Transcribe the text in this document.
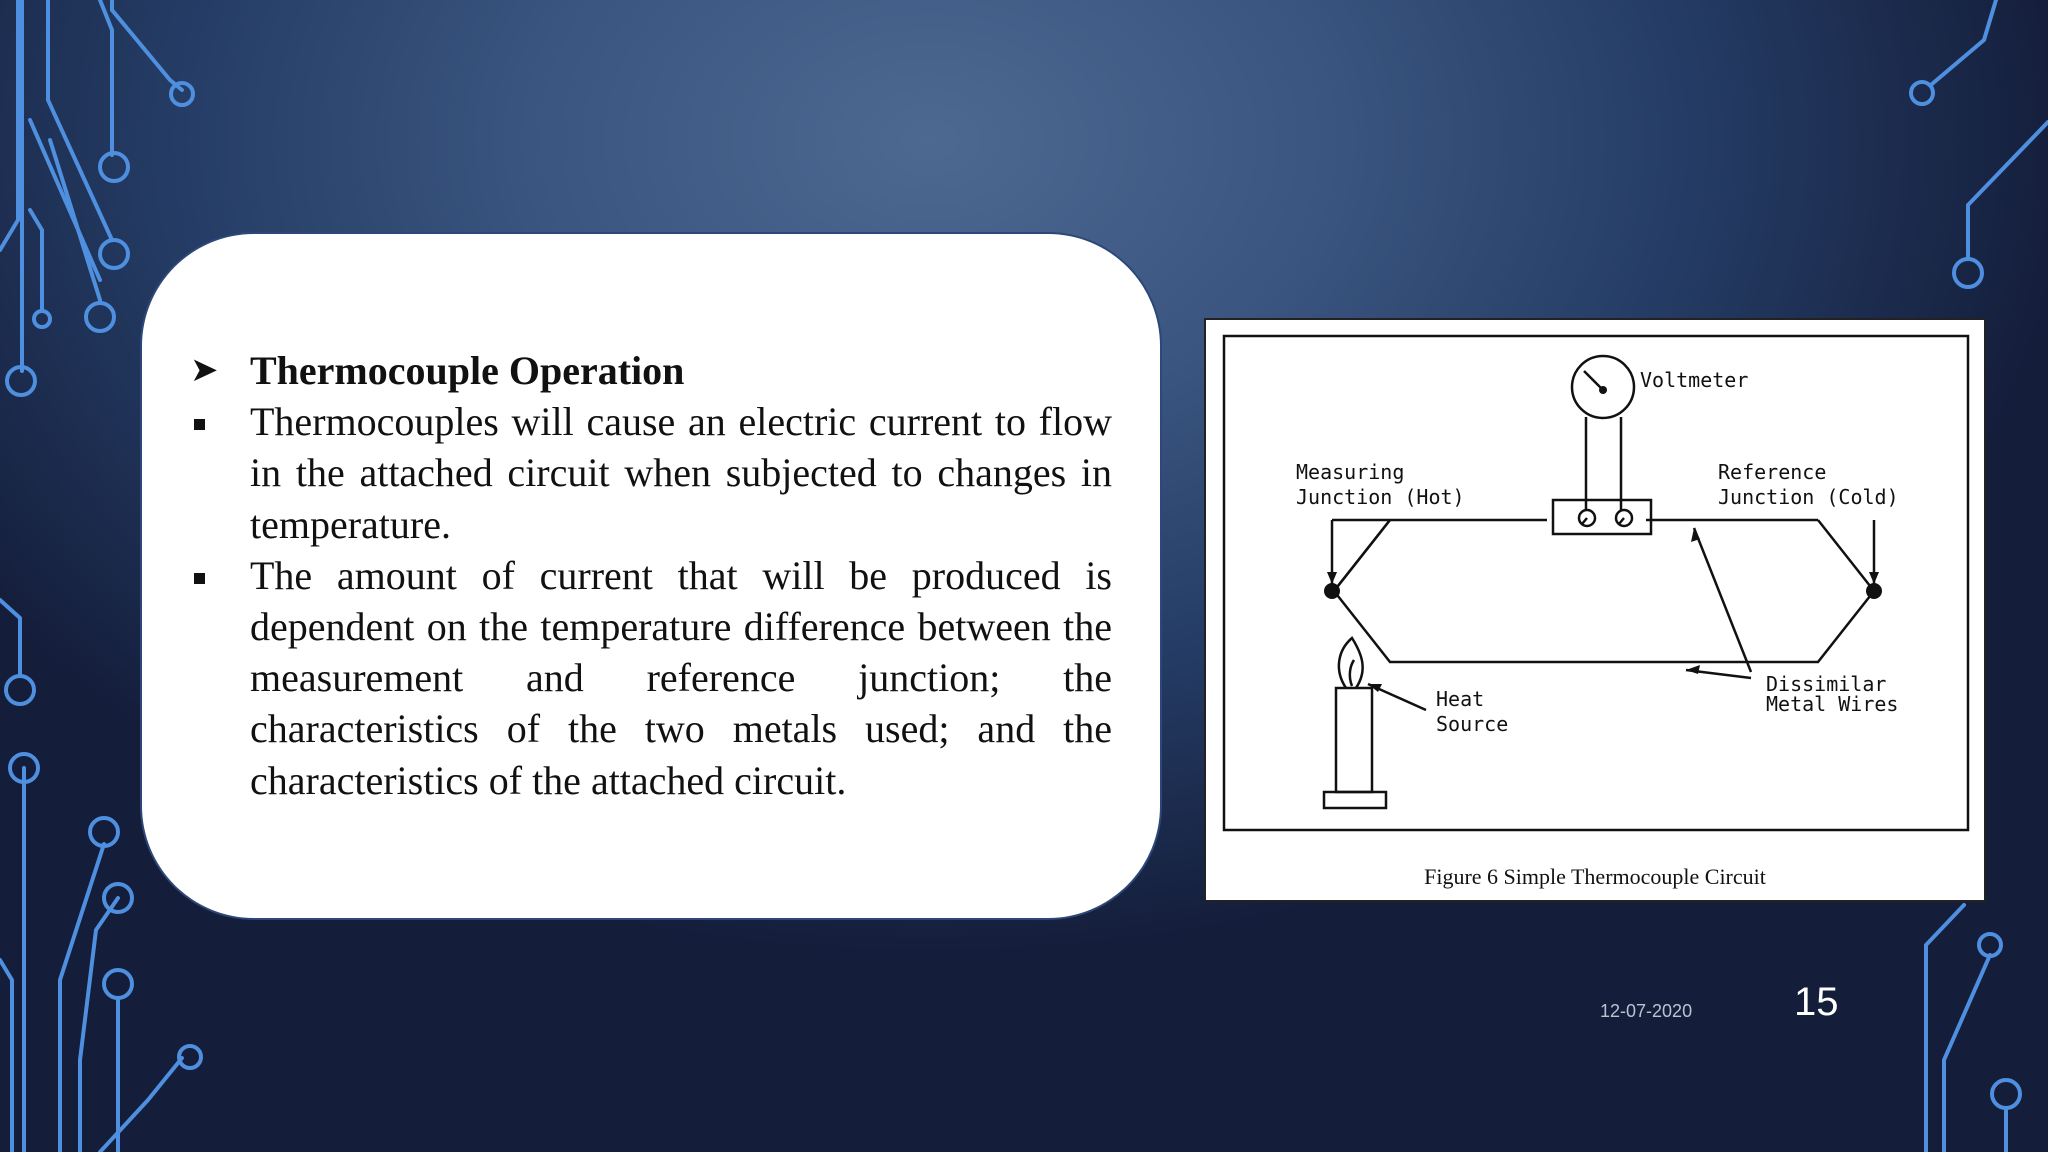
➤ Thermocouple Operation
Thermocouples will cause an electric current to flow in the attached circuit when subjected to changes in temperature.
The amount of current that will be produced is dependent on the temperature difference between the measurement and reference junction; the characteristics of the two metals used; and the characteristics of the attached circuit.
Voltmeter
Measuring
Junction (Hot)
Reference
Junction (Cold)
Heat
Source
Dissimilar
Metal Wires
Figure 6 Simple Thermocouple Circuit
12-07-2020	15
